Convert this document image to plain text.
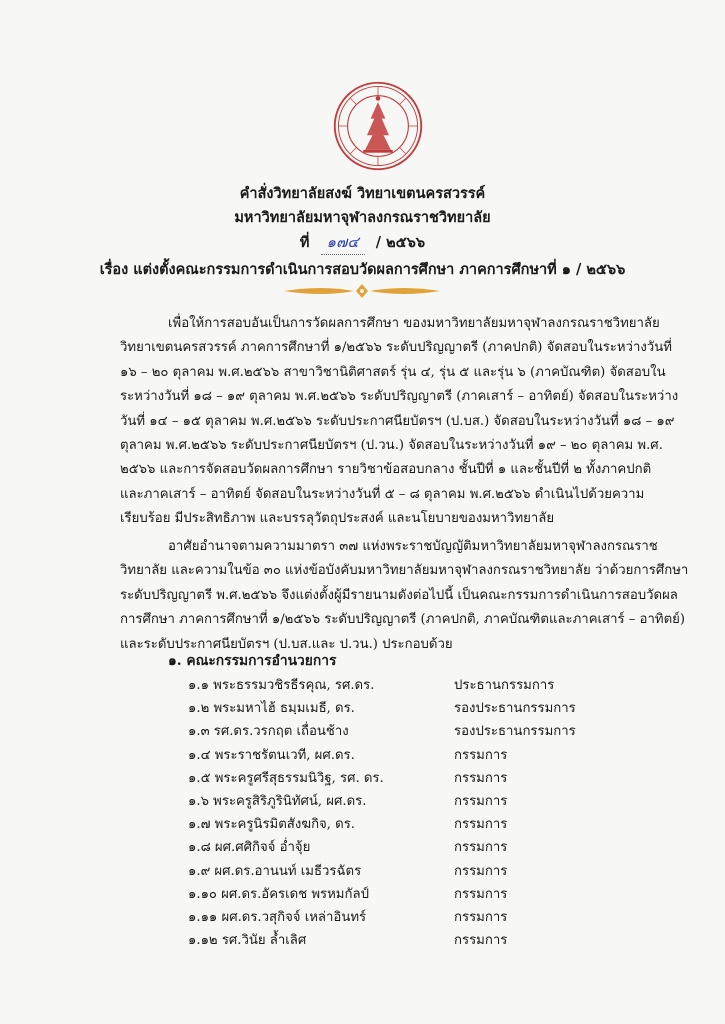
คำสั่งวิทยาลัยสงฆ์ วิทยาเขตนครสวรรค์
มหาวิทยาลัยมหาจุฬาลงกรณราชวิทยาลัย
ที่ ๑๗๔ / ๒๕๖๖
เรื่อง แต่งตั้งคณะกรรมการดำเนินการสอบวัดผลการศึกษา ภาคการศึกษาที่ ๑ / ๒๕๖๖
เพื่อให้การสอบอันเป็นการวัดผลการศึกษา ของมหาวิทยาลัยมหาจุฬาลงกรณราชวิทยาลัย
วิทยาเขตนครสวรรค์ ภาคการศึกษาที่ ๑/๒๕๖๖ ระดับปริญญาตรี (ภาคปกติ) จัดสอบในระหว่างวันที่
๑๖ – ๒๐ ตุลาคม พ.ศ.๒๕๖๖ สาขาวิชานิติศาสตร์ รุ่น ๔, รุ่น ๕ และรุ่น ๖ (ภาคบัณฑิต) จัดสอบใน
ระหว่างวันที่ ๑๘ – ๑๙ ตุลาคม พ.ศ.๒๕๖๖ ระดับปริญญาตรี (ภาคเสาร์ – อาทิตย์) จัดสอบในระหว่าง
วันที่ ๑๔ – ๑๕ ตุลาคม พ.ศ.๒๕๖๖ ระดับประกาศนียบัตรฯ (ป.บส.) จัดสอบในระหว่างวันที่ ๑๘ – ๑๙
ตุลาคม พ.ศ.๒๕๖๖ ระดับประกาศนียบัตรฯ (ป.วน.) จัดสอบในระหว่างวันที่ ๑๙ – ๒๐ ตุลาคม พ.ศ.
๒๕๖๖ และการจัดสอบวัดผลการศึกษา รายวิชาข้อสอบกลาง ชั้นปีที่ ๑ และชั้นปีที่ ๒ ทั้งภาคปกติ
และภาคเสาร์ – อาทิตย์ จัดสอบในระหว่างวันที่ ๕ – ๘ ตุลาคม พ.ศ.๒๕๖๖ ดำเนินไปด้วยความ
เรียบร้อย มีประสิทธิภาพ และบรรลุวัตถุประสงค์ และนโยบายของมหาวิทยาลัย
อาศัยอำนาจตามความมาตรา ๓๗ แห่งพระราชบัญญัติมหาวิทยาลัยมหาจุฬาลงกรณราช
วิทยาลัย และความในข้อ ๓๐ แห่งข้อบังคับมหาวิทยาลัยมหาจุฬาลงกรณราชวิทยาลัย ว่าด้วยการศึกษา
ระดับปริญญาตรี พ.ศ.๒๕๖๖ จึงแต่งตั้งผู้มีรายนามดังต่อไปนี้ เป็นคณะกรรมการดำเนินการสอบวัดผล
การศึกษา ภาคการศึกษาที่ ๑/๒๕๖๖ ระดับปริญญาตรี (ภาคปกติ, ภาคบัณฑิตและภาคเสาร์ – อาทิตย์)
และระดับประกาศนียบัตรฯ (ป.บส.และ ป.วน.) ประกอบด้วย
๑. คณะกรรมการอำนวยการ
๑.๑ พระธรรมวชิรธีรคุณ, รศ.ดร.	ประธานกรรมการ
๑.๒ พระมหาไฮ้ ธมฺมเมธี, ดร.	รองประธานกรรมการ
๑.๓ รศ.ดร.วรกฤต เถื่อนช้าง	รองประธานกรรมการ
๑.๔ พระราชรัตนเวที, ผศ.ดร.	กรรมการ
๑.๕ พระครูศรีสุธรรมนิวิฐ, รศ. ดร.	กรรมการ
๑.๖ พระครูสิริภูรินิทัศน์, ผศ.ดร.	กรรมการ
๑.๗ พระครูนิรมิตสังฆกิจ, ดร.	กรรมการ
๑.๘ ผศ.ศศิกิจจ์ อ่ำจุ้ย	กรรมการ
๑.๙ ผศ.ดร.อานนท์ เมธีวรฉัตร	กรรมการ
๑.๑๐ ผศ.ดร.อัครเดช พรหมกัลป์	กรรมการ
๑.๑๑ ผศ.ดร.วสุกิจจ์ เหล่าอินทร์	กรรมการ
๑.๑๒ รศ.วินัย ล้ำเลิศ	กรรมการ
